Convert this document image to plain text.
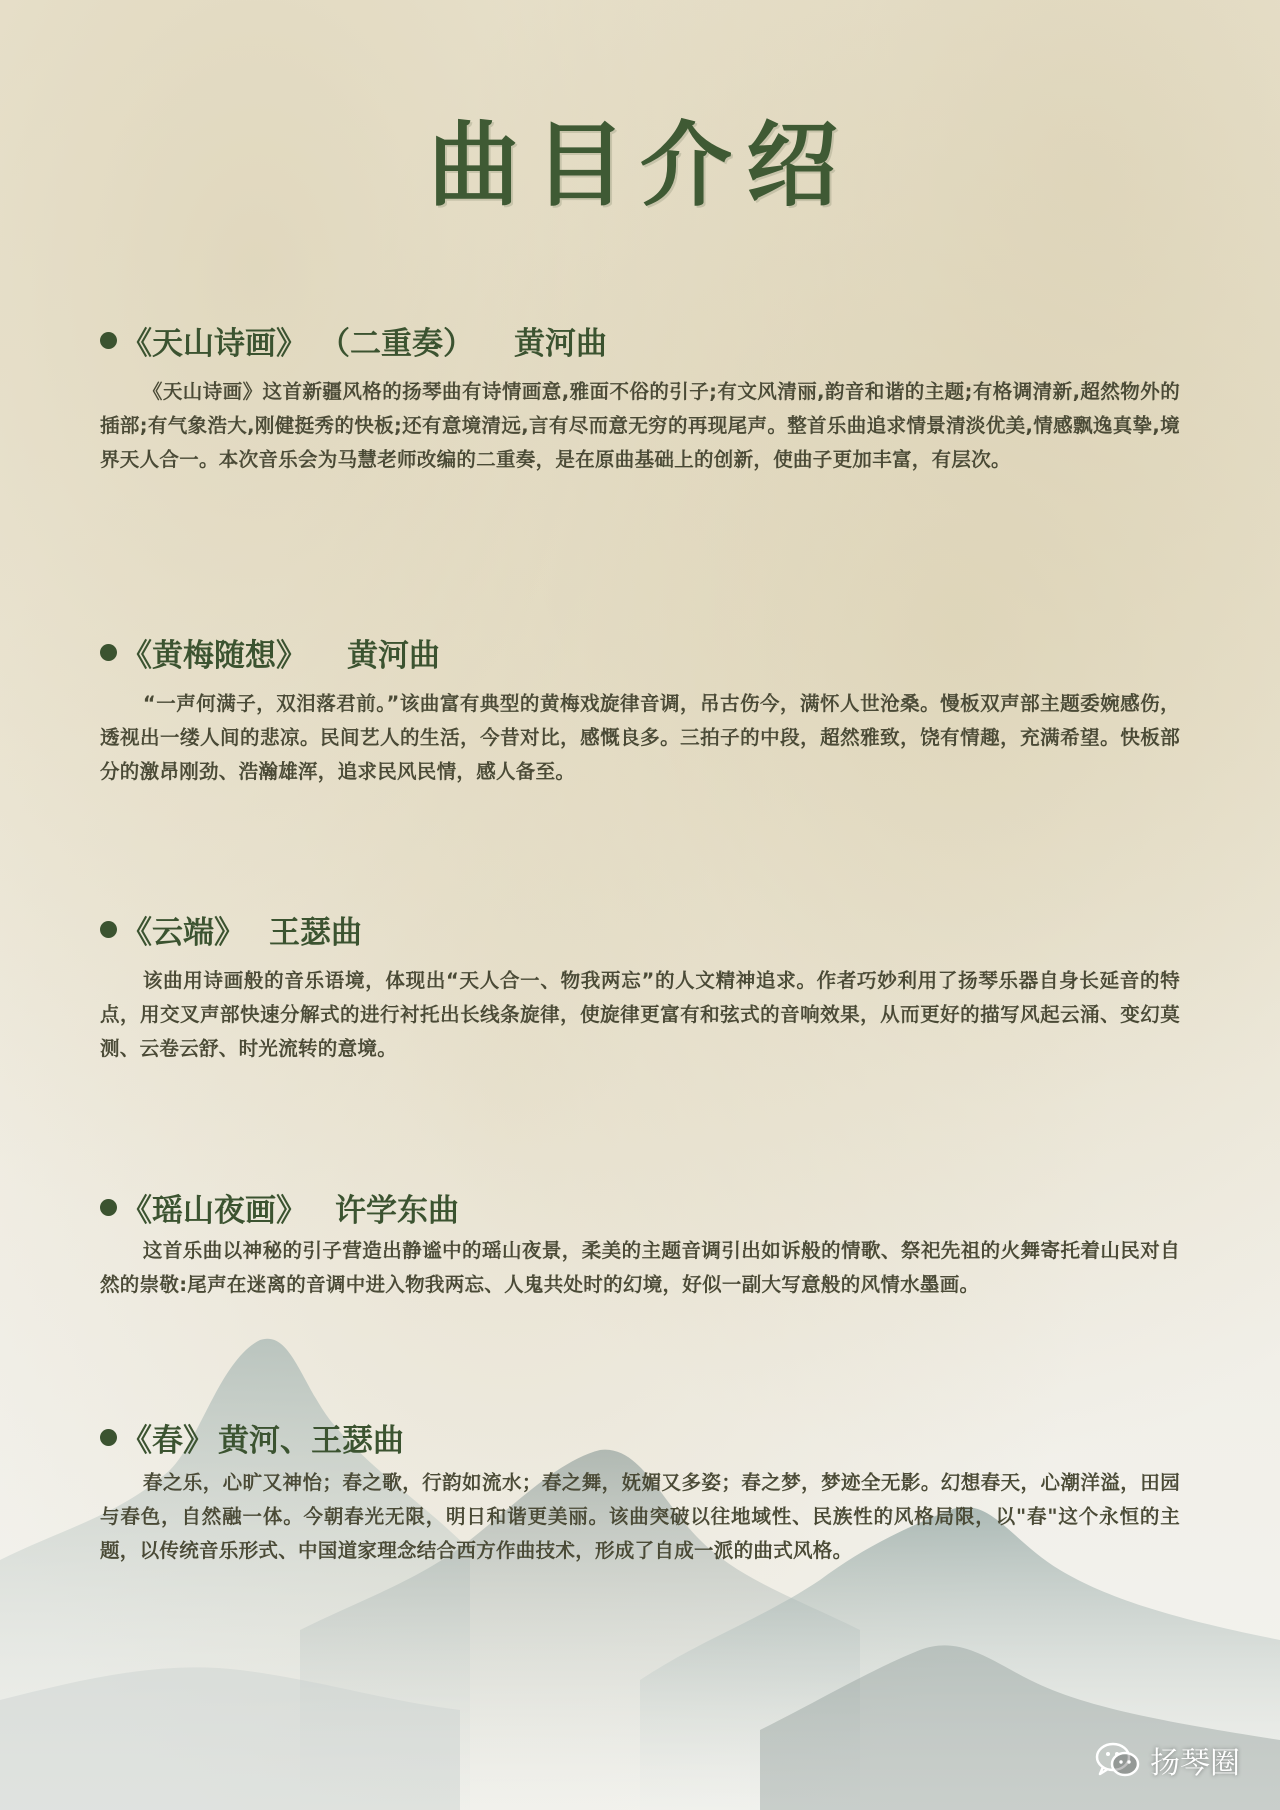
曲目介绍
《天山诗画》 （二重奏） 黄河曲
《天山诗画》这首新疆风格的扬琴曲有诗情画意,雅面不俗的引子;有文风清丽,韵音和谐的主题;有格调清新,超然物外的插部;有气象浩大,刚健挺秀的快板;还有意境清远,言有尽而意无穷的再现尾声。整首乐曲追求情景清淡优美,情感飘逸真挚,境界天人合一。本次音乐会为马慧老师改编的二重奏，是在原曲基础上的创新，使曲子更加丰富，有层次。
《黄梅随想》 黄河曲
“一声何满子，双泪落君前。”该曲富有典型的黄梅戏旋律音调，吊古伤今，满怀人世沧桑。慢板双声部主题委婉感伤，透视出一缕人间的悲凉。民间艺人的生活，今昔对比，感慨良多。三拍子的中段，超然雅致，饶有情趣，充满希望。快板部分的激昂刚劲、浩瀚雄浑，追求民风民情，感人备至。
《云端》 王瑟曲
该曲用诗画般的音乐语境，体现出“天人合一、物我两忘”的人文精神追求。作者巧妙利用了扬琴乐器自身长延音的特点，用交叉声部快速分解式的进行衬托出长线条旋律，使旋律更富有和弦式的音响效果，从而更好的描写风起云涌、变幻莫测、云卷云舒、时光流转的意境。
《瑶山夜画》 许学东曲
这首乐曲以神秘的引子营造出静谧中的瑶山夜景，柔美的主题音调引出如诉般的情歌、祭祀先祖的火舞寄托着山民对自然的崇敬:尾声在迷离的音调中进入物我两忘、人鬼共处时的幻境，好似一副大写意般的风情水墨画。
《春》 黄河、王瑟曲
春之乐，心旷又神怡；春之歌，行韵如流水；春之舞，妩媚又多姿；春之梦，梦迹全无影。幻想春天，心潮洋溢，田园与春色，自然融一体。今朝春光无限，明日和谐更美丽。该曲突破以往地域性、民族性的风格局限，以"春"这个永恒的主题，以传统音乐形式、中国道家理念结合西方作曲技术，形成了自成一派的曲式风格。
扬琴圈
